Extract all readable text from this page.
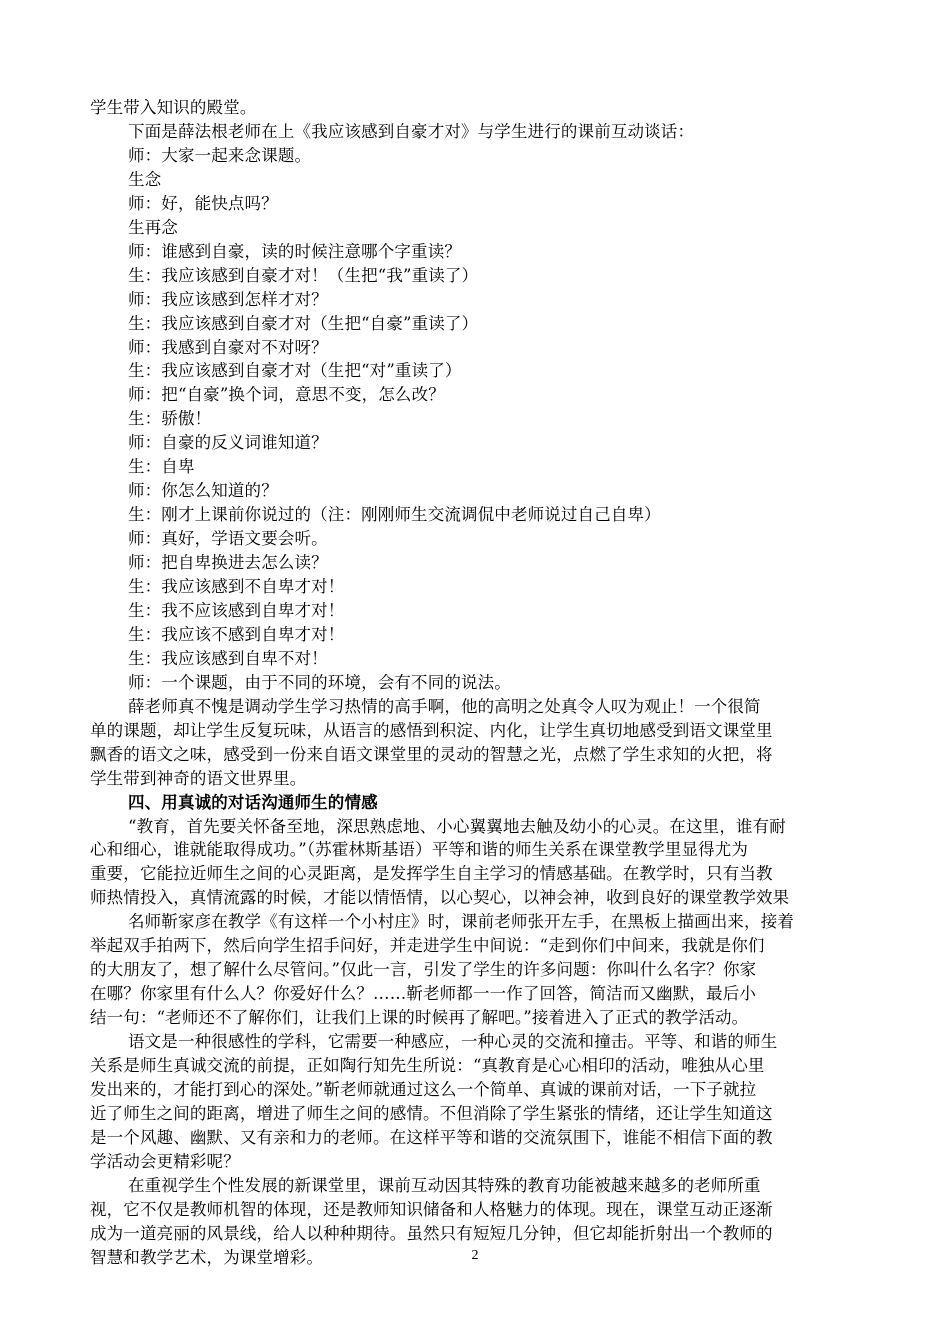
学生带入知识的殿堂。
下面是薛法根老师在上《我应该感到自豪才对》与学生进行的课前互动谈话：
师：大家一起来念课题。
生念
师：好，能快点吗？
生再念
师：谁感到自豪，读的时候注意哪个字重读？
生：我应该感到自豪才对！（生把“我”重读了）
师：我应该感到怎样才对？
生：我应该感到自豪才对（生把“自豪”重读了）
师：我感到自豪对不对呀？
生：我应该感到自豪才对（生把“对”重读了）
师：把“自豪”换个词，意思不变，怎么改？
生：骄傲！
师：自豪的反义词谁知道？
生：自卑
师：你怎么知道的？
生：刚才上课前你说过的（注：刚刚师生交流调侃中老师说过自己自卑）
师：真好，学语文要会听。
师：把自卑换进去怎么读？
生：我应该感到不自卑才对！
生：我不应该感到自卑才对！
生：我应该不感到自卑才对！
生：我应该感到自卑不对！
师：一个课题，由于不同的环境，会有不同的说法。
薛老师真不愧是调动学生学习热情的高手啊，他的高明之处真令人叹为观止！一个很简
单的课题，却让学生反复玩味，从语言的感悟到积淀、内化，让学生真切地感受到语文课堂里
飘香的语文之味，感受到一份来自语文课堂里的灵动的智慧之光，点燃了学生求知的火把，将
学生带到神奇的语文世界里。
四、用真诚的对话沟通师生的情感
“教育，首先要关怀备至地，深思熟虑地、小心翼翼地去触及幼小的心灵。在这里，谁有耐
心和细心，谁就能取得成功。”（苏霍林斯基语）平等和谐的师生关系在课堂教学里显得尤为
重要，它能拉近师生之间的心灵距离，是发挥学生自主学习的情感基础。在教学时，只有当教
师热情投入，真情流露的时候，才能以情悟情，以心契心，以神会神，收到良好的课堂教学效果
名师靳家彦在教学《有这样一个小村庄》时，课前老师张开左手，在黑板上描画出来，接着
举起双手拍两下，然后向学生招手问好，并走进学生中间说：“走到你们中间来，我就是你们
的大朋友了，想了解什么尽管问。”仅此一言，引发了学生的许多问题：你叫什么名字？你家
在哪？你家里有什么人？你爱好什么？……靳老师都一一作了回答，简洁而又幽默，最后小
结一句：“老师还不了解你们，让我们上课的时候再了解吧。”接着进入了正式的教学活动。
语文是一种很感性的学科，它需要一种感应，一种心灵的交流和撞击。平等、和谐的师生
关系是师生真诚交流的前提，正如陶行知先生所说：“真教育是心心相印的活动，唯独从心里
发出来的，才能打到心的深处。”靳老师就通过这么一个简单、真诚的课前对话，一下子就拉
近了师生之间的距离，增进了师生之间的感情。不但消除了学生紧张的情绪，还让学生知道这
是一个风趣、幽默、又有亲和力的老师。在这样平等和谐的交流氛围下，谁能不相信下面的教
学活动会更精彩呢？
在重视学生个性发展的新课堂里，课前互动因其特殊的教育功能被越来越多的老师所重
视，它不仅是教师机智的体现，还是教师知识储备和人格魅力的体现。现在，课堂互动正逐渐
成为一道亮丽的风景线，给人以种种期待。虽然只有短短几分钟，但它却能折射出一个教师的
智慧和教学艺术，为课堂增彩。	2
